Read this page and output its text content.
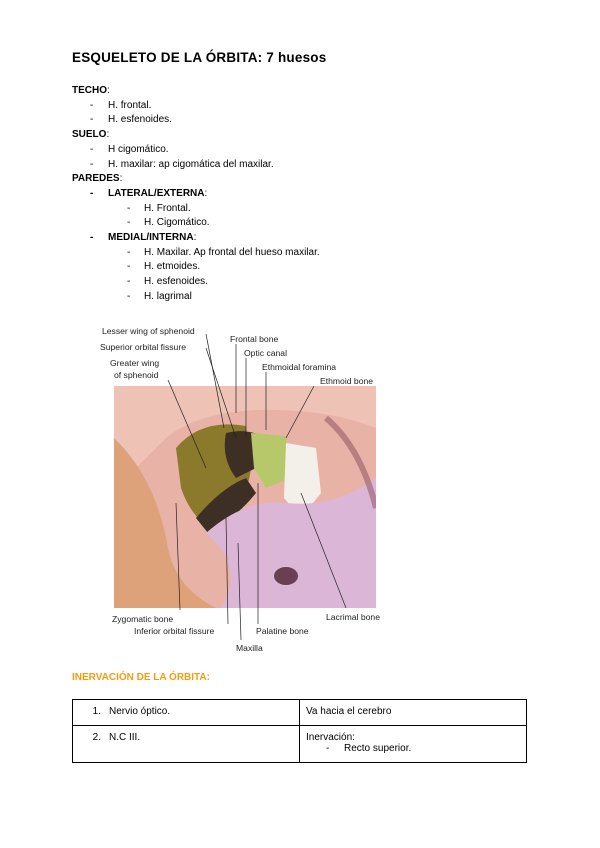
ESQUELETO DE LA ÓRBITA: 7 huesos
TECHO:
- H. frontal.
- H. esfenoides.
SUELO:
- H cigomático.
- H. maxilar: ap cigomática del maxilar.
PAREDES:
- LATERAL/EXTERNA:
- H. Frontal.
- H. Cigomático.
- MEDIAL/INTERNA:
- H. Maxilar. Ap frontal del hueso maxilar.
- H. etmoides.
- H. esfenoides.
- H. lagrimal
Lesser wing of sphenoid
Superior orbital fissure
Greater wing
of sphenoid
Frontal bone
Optic canal
Ethmoidal foramina
Ethmoid bone
Zygomatic bone
Inferior orbital fissure
Maxilla
Palatine bone
Lacrimal bone
INERVACIÓN DE LA ÓRBITA:
1. Nervio óptico.	Va hacia el cerebro

2. N.C III.	Inervación:
- Recto superior.
